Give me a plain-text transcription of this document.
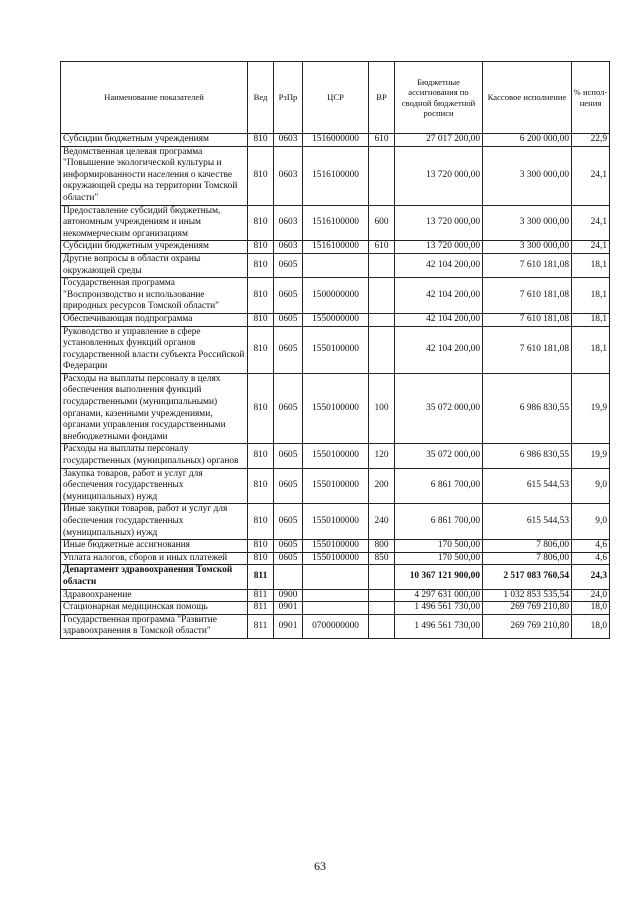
Наименование показателей	Вед	РзПр	ЦСР	ВР	Бюджетные ассигнования по сводной бюджетной росписи	Кассовое исполнение	% испол-нения
Субсидии бюджетным учреждениям	810	0603	1516000000	610	27 017 200,00	6 200 000,00	22,9
Ведомственная целевая программа "Повышение экологической культуры и информированности населения о качестве окружающей среды на территории Томской области"	810	0603	1516100000		13 720 000,00	3 300 000,00	24,1
Предоставление субсидий бюджетным, автономным учреждениям и иным некоммерческим организациям	810	0603	1516100000	600	13 720 000,00	3 300 000,00	24,1
Субсидии бюджетным учреждениям	810	0603	1516100000	610	13 720 000,00	3 300 000,00	24,1
Другие вопросы в области охраны окружающей среды	810	0605			42 104 200,00	7 610 181,08	18,1
Государственная программа "Воспроизводство и использование природных ресурсов Томской области"	810	0605	1500000000		42 104 200,00	7 610 181,08	18,1
Обеспечивающая подпрограмма	810	0605	1550000000		42 104 200,00	7 610 181,08	18,1
Руководство и управление в сфере установленных функций органов государственной власти субъекта Российской Федерации	810	0605	1550100000		42 104 200,00	7 610 181,08	18,1
Расходы на выплаты персоналу в целях обеспечения выполнения функций государственными (муниципальными) органами, казенными учреждениями, органами управления государственными внебюджетными фондами	810	0605	1550100000	100	35 072 000,00	6 986 830,55	19,9
Расходы на выплаты персоналу государственных (муниципальных) органов	810	0605	1550100000	120	35 072 000,00	6 986 830,55	19,9
Закупка товаров, работ и услуг для обеспечения государственных (муниципальных) нужд	810	0605	1550100000	200	6 861 700,00	615 544,53	9,0
Иные закупки товаров, работ и услуг для обеспечения государственных (муниципальных) нужд	810	0605	1550100000	240	6 861 700,00	615 544,53	9,0
Иные бюджетные ассигнования	810	0605	1550100000	800	170 500,00	7 806,00	4,6
Уплата налогов, сборов и иных платежей	810	0605	1550100000	850	170 500,00	7 806,00	4,6
Департамент здравоохранения Томской области	811				10 367 121 900,00	2 517 083 760,54	24,3
Здравоохранение	811	0900			4 297 631 000,00	1 032 853 535,54	24,0
Стационарная медицинская помощь	811	0901			1 496 561 730,00	269 769 210,80	18,0
Государственная программа "Развитие здравоохранения в Томской области"	811	0901	0700000000		1 496 561 730,00	269 769 210,80	18,0
63
